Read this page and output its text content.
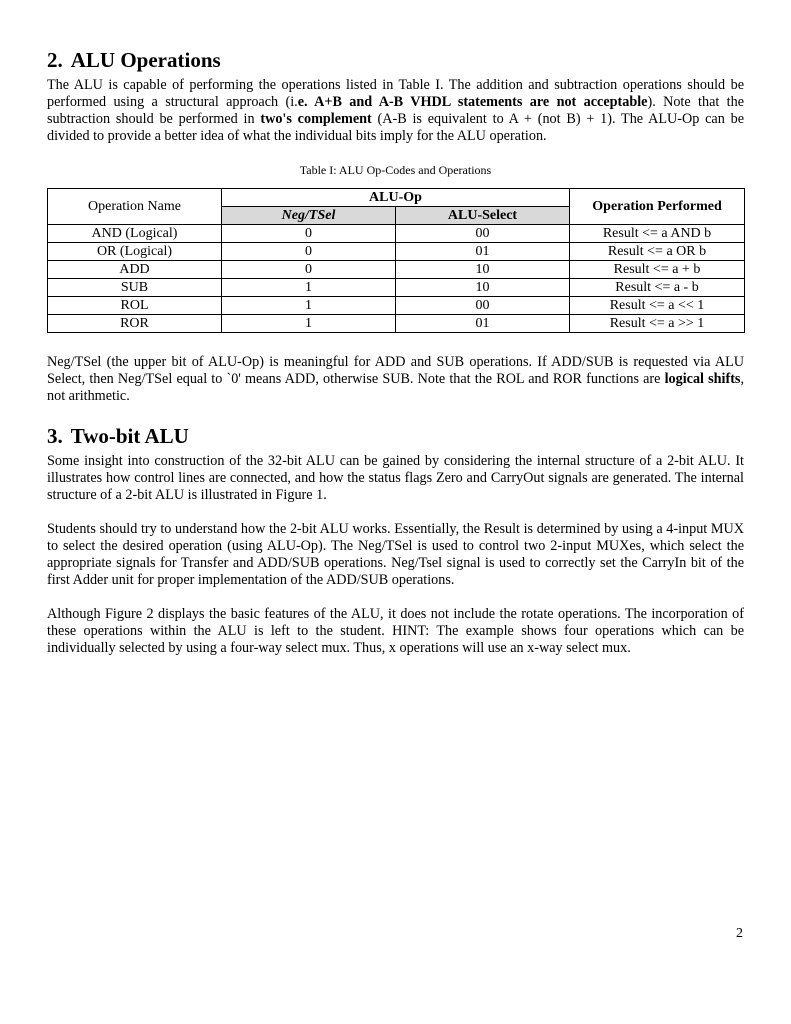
2. ALU Operations

The ALU is capable of performing the operations listed in Table I. The addition and subtraction operations should be performed using a structural approach (i.e. A+B and A-B VHDL statements are not acceptable). Note that the subtraction should be performed in two's complement (A-B is equivalent to A + (not B) + 1). The ALU-Op can be divided to provide a better idea of what the individual bits imply for the ALU operation.

Table I: ALU Op-Codes and Operations
Operation Name	ALU-Op		Operation Performed
	Neg/TSel	ALU-Select	
AND (Logical)	0	00	Result <= a AND b
OR (Logical)	0	01	Result <= a OR b
ADD	0	10	Result <= a + b
SUB	1	10	Result <= a - b
ROL	1	00	Result <= a << 1
ROR	1	01	Result <= a >> 1

Neg/TSel (the upper bit of ALU-Op) is meaningful for ADD and SUB operations. If ADD/SUB is requested via ALU Select, then Neg/TSel equal to `0' means ADD, otherwise SUB. Note that the ROL and ROR functions are logical shifts, not arithmetic.

3. Two-bit ALU

Some insight into construction of the 32-bit ALU can be gained by considering the internal structure of a 2-bit ALU. It illustrates how control lines are connected, and how the status flags Zero and CarryOut signals are generated. The internal structure of a 2-bit ALU is illustrated in Figure 1.

Students should try to understand how the 2-bit ALU works. Essentially, the Result is determined by using a 4-input MUX to select the desired operation (using ALU-Op). The Neg/TSel is used to control two 2-input MUXes, which select the appropriate signals for Transfer and ADD/SUB operations. Neg/Tsel signal is used to correctly set the CarryIn bit of the first Adder unit for proper implementation of the ADD/SUB operations.

Although Figure 2 displays the basic features of the ALU, it does not include the rotate operations. The incorporation of these operations within the ALU is left to the student. HINT: The example shows four operations which can be individually selected by using a four-way select mux. Thus, x operations will use an x-way select mux.

2
